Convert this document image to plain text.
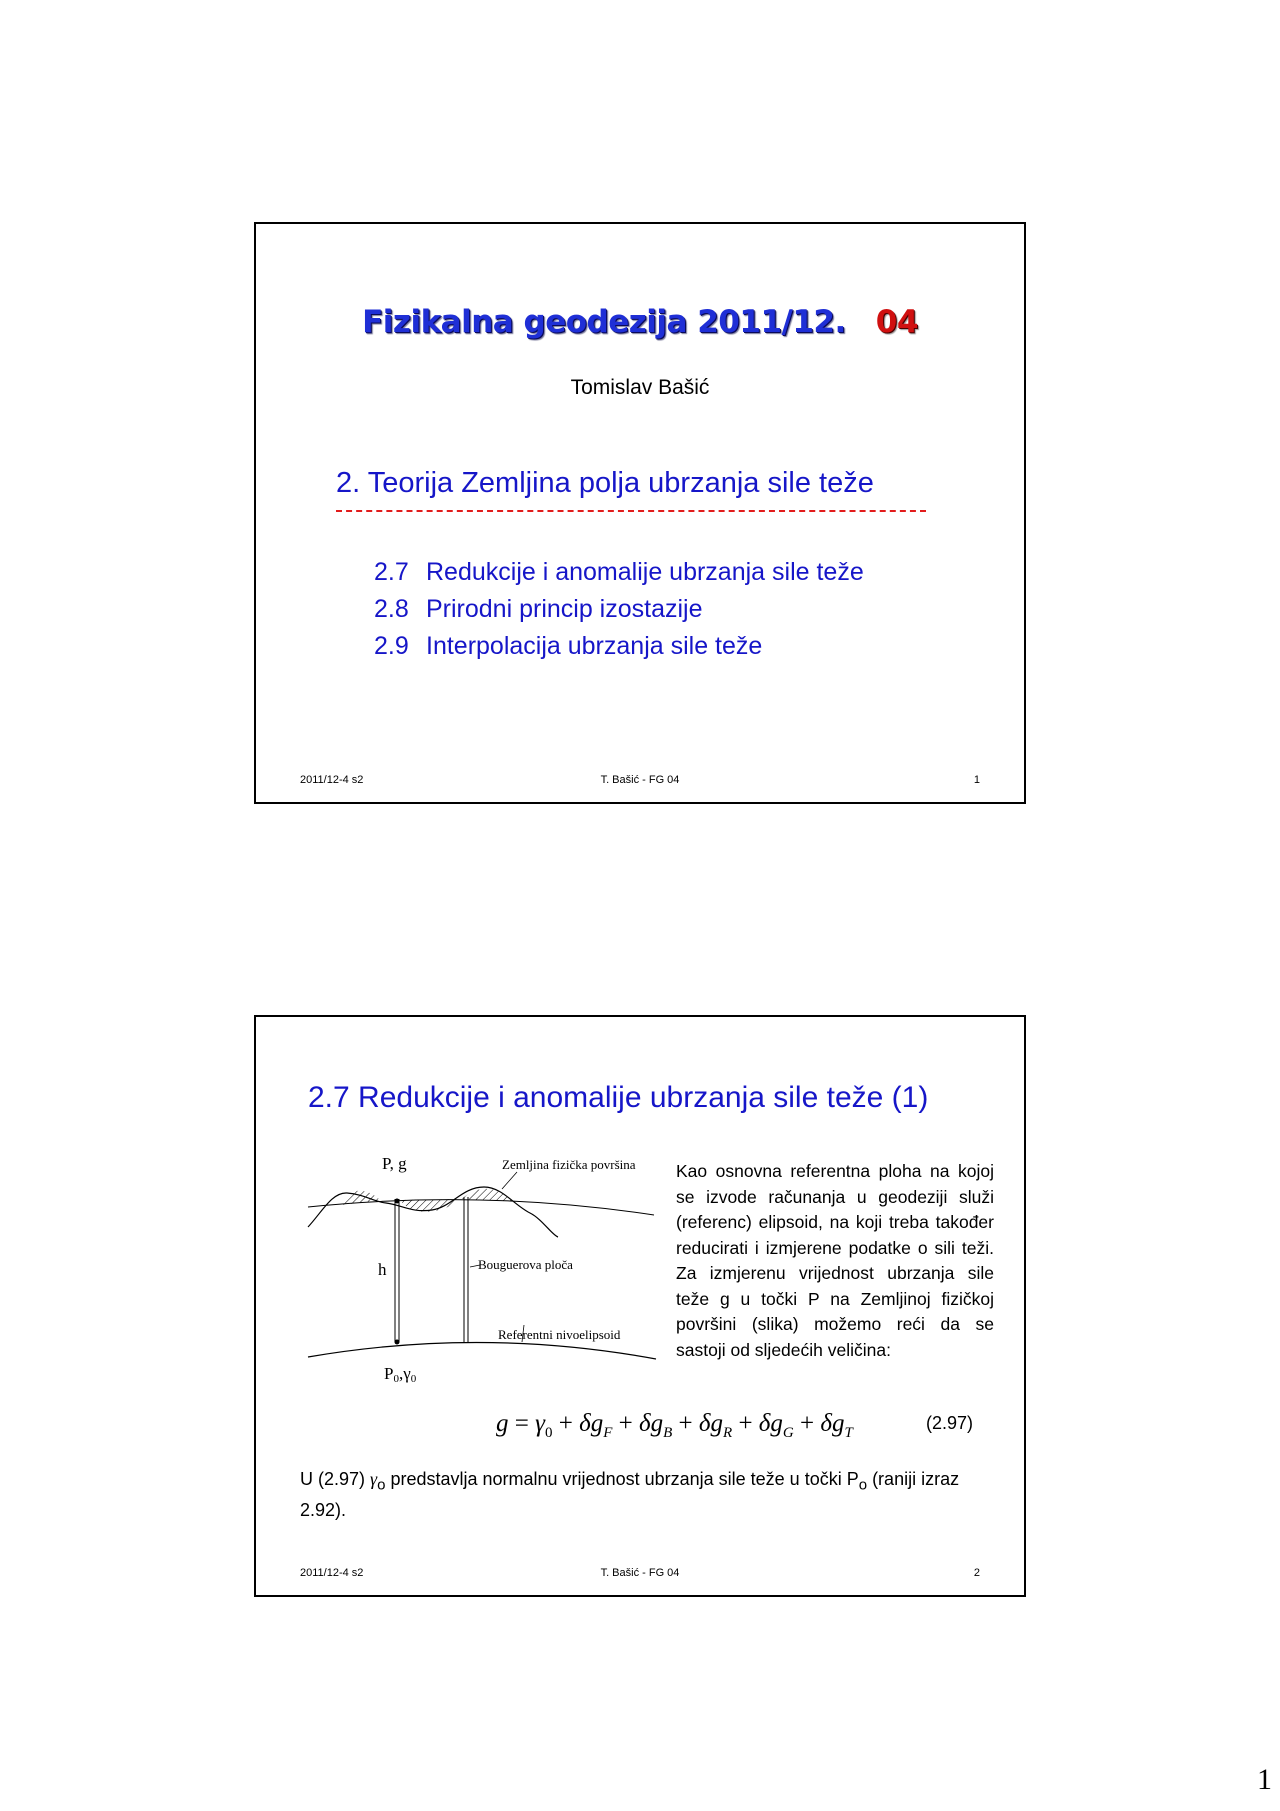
Fizikalna geodezija 2011/12. 04
Tomislav Bašić
2. Teorija Zemljina polja ubrzanja sile teže
2.7 Redukcije i anomalije ubrzanja sile teže
2.8 Prirodni princip izostazije
2.9 Interpolacija ubrzanja sile teže
2011/12-4 s2	T. Bašić - FG 04	1
2.7 Redukcije i anomalije ubrzanja sile teže (1)
P, g	Zemljina fizička površina
h	Bouguerova ploča
Referentni nivoelipsoid
P0,γ0
Kao osnovna referentna ploha na kojoj se izvode računanja u geodeziji služi (referenc) elipsoid, na koji treba također reducirati i izmjerene podatke o sili teži. Za izmjerenu vrijednost ubrzanja sile teže g u točki P na Zemljinoj fizičkoj površini (slika) možemo reći da se sastoji od sljedećih veličina:
$g = \gamma_0 + \delta g_F + \delta g_B + \delta g_R + \delta g_G + \delta g_T$	(2.97)
U (2.97) $\gamma_o$ predstavlja normalnu vrijednost ubrzanja sile teže u točki $P_o$ (raniji izraz 2.92).
2011/12-4 s2	T. Bašić - FG 04	2
1
